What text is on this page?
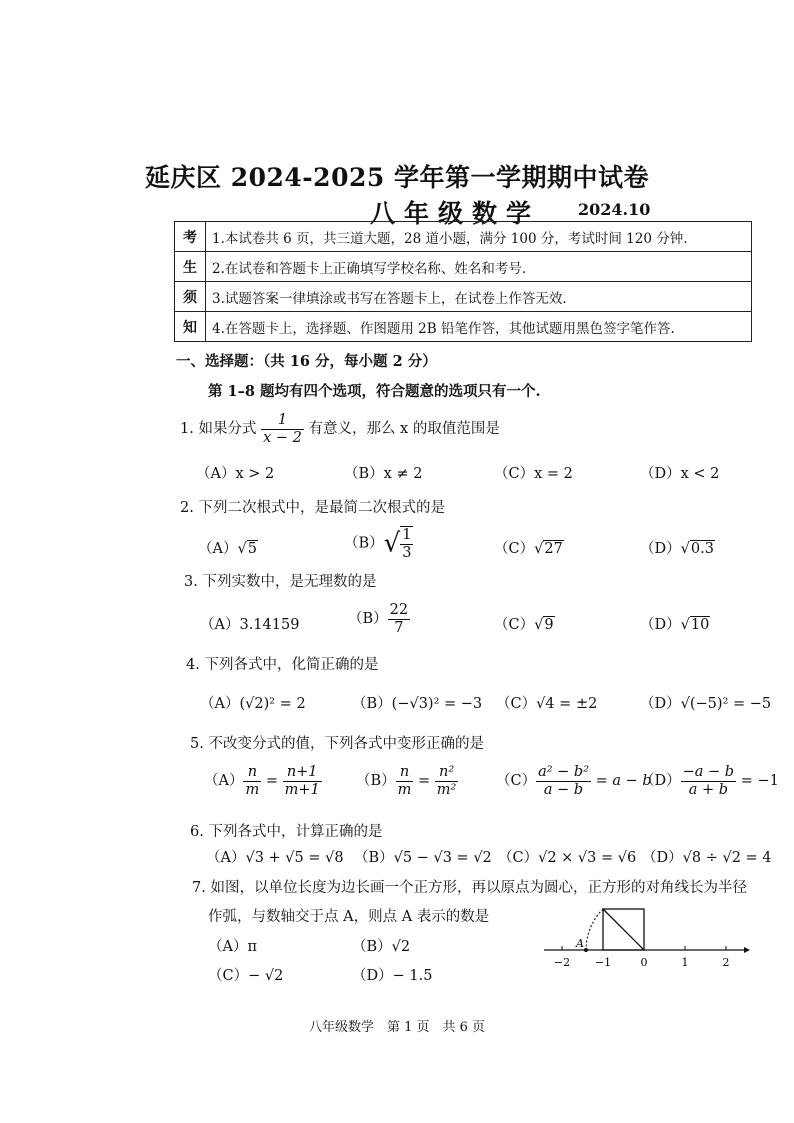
延庆区 2024-2025 学年第一学期期中试卷
八年级数学 2024.10
考	1.本试卷共 6 页，共三道大题，28 道小题，满分 100 分，考试时间 120 分钟.
生	2.在试卷和答题卡上正确填写学校名称、姓名和考号.
须	3.试题答案一律填涂或书写在答题卡上，在试卷上作答无效.
知	4.在答题卡上，选择题、作图题用 2B 铅笔作答，其他试题用黑色签字笔作答.
一、选择题：（共 16 分，每小题 2 分）
第 1–8 题均有四个选项，符合题意的选项只有一个.
1. 如果分式 $\frac{1}{x - 2}$ 有意义，那么 x 的取值范围是
（A）x > 2	（B）x ≠ 2	（C）x = 2	（D）x < 2
2. 下列二次根式中，是最简二次根式的是
（A）√5	$(B)√ \frac{1}{3}$	（C）√27	（D）√0.3
3. 下列实数中，是无理数的是
（A）3.14159	$(B) \frac{22}{7}$	（C）√9	（D）√10
4. 下列各式中，化简正确的是
（A）(√2)² = 2	（B）(−√3)² = −3 （C）√4 = ±2	（D）√(−5)² = −5
5. 不改变分式的值，下列各式中变形正确的是
$(A) \frac{n}{m} = \frac{n+1}{m+1} (B) \frac{n}{m} = \frac{\text{n²}}{\text{m²}}$	$(C) \frac{\text{a² − b²}}{a - b} = a - b$
$(D) \frac{-a - b}{a + b} = -1$
6. 下列各式中，计算正确的是
（A）√3 + √5 = √8 （B）√5 − √3 = √2 （C）√2 × √3 = √6 （D）√8 ÷ √2 = 4
7. 如图，以单位长度为边长画一个正方形，再以原点为圆心，正方形的对角线长为半径
作弧，与数轴交于点 A，则点 A 表示的数是
（A）π	（B）√2
（C）− √2	（D）− 1.5
A
−2 −1	0	1	2
八年级数学　第 1 页　共 6 页
